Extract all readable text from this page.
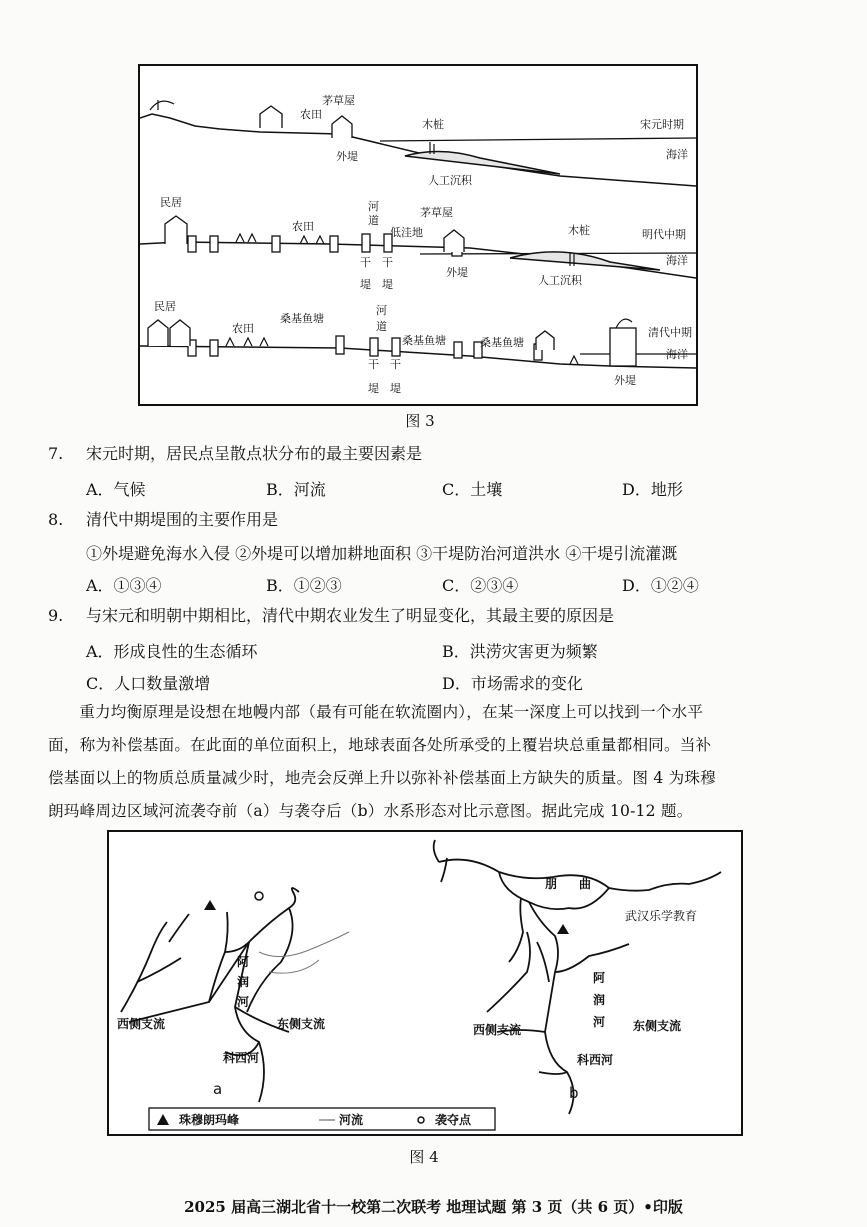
农田
茅草屋
木桩
外堤
人工沉积
宋元时期
海洋
民居
农田
河
道
干
堤
干
堤
低洼地
茅草屋
木桩
外堤
人工沉积
明代中期
海洋
民居
农田
桑基鱼塘
河
道
干
堤
干
堤
桑基鱼塘	桑基鱼塘
外堤
清代中期
海洋
图 3
7. 宋元时期，居民点呈散点状分布的最主要因素是
A．气候	B．河流	C．土壤	D．地形
8. 清代中期堤围的主要作用是
①外堤避免海水入侵 ②外堤可以增加耕地面积 ③干堤防治河道洪水 ④干堤引流灌溉
A．①③④	B．①②③	C．②③④	D．①②④
9. 与宋元和明朝中期相比，清代中期农业发生了明显变化，其最主要的原因是
A．形成良性的生态循环	B．洪涝灾害更为频繁
C．人口数量激增	D．市场需求的变化
重力均衡原理是设想在地幔内部（最有可能在软流圈内），在某一深度上可以找到一个水平
面，称为补偿基面。在此面的单位面积上，地球表面各处所承受的上覆岩块总重量都相同。当补
偿基面以上的物质总质量减少时，地壳会反弹上升以弥补补偿基面上方缺失的质量。图 4 为珠穆
朗玛峰周边区域河流袭夺前（a）与袭夺后（b）水系形态对比示意图。据此完成 10-12 题。
西侧支流	东侧支流
阿
润
河
科西河
a
朋 曲
武汉乐学教育
西侧支流	东侧支流
阿
润
河
科西河
b
珠穆朗玛峰	河流	袭夺点
图 4
2025 届高三湖北省十一校第二次联考 地理试题 第 3 页（共 6 页）•印版
